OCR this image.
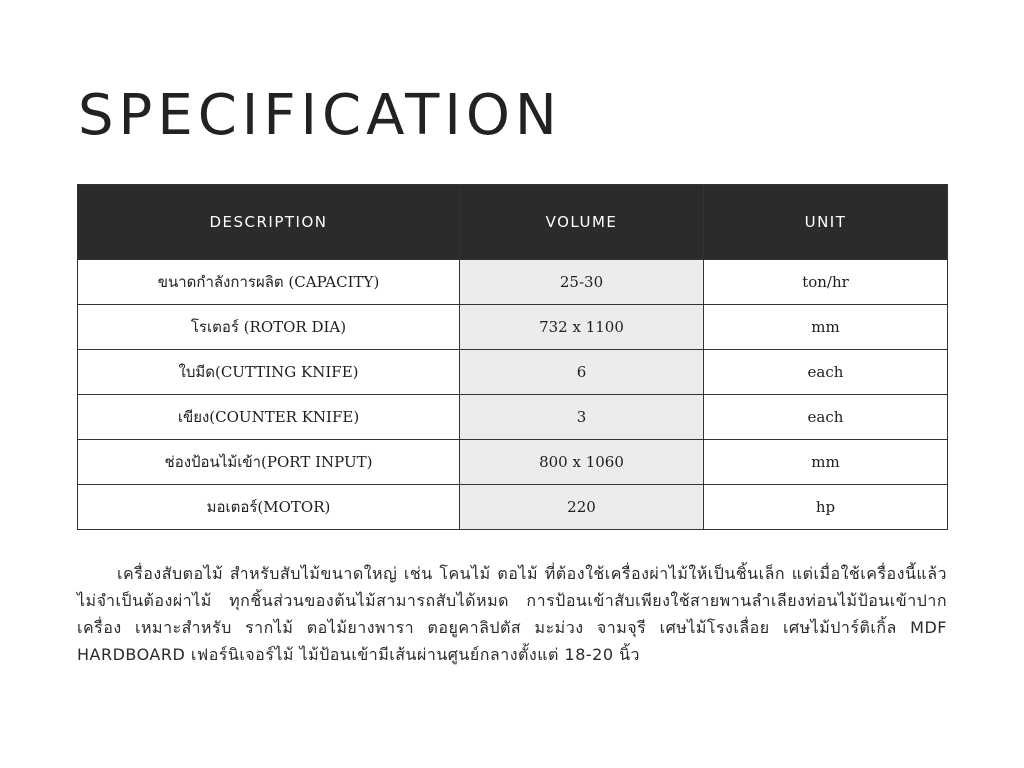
SPECIFICATION
DESCRIPTION	VOLUME	UNIT
ขนาดกำลังการผลิต (CAPACITY)	25-30	ton/hr
โรเตอร์ (ROTOR DIA)	732 x 1100	mm
ใบมีด(CUTTING KNIFE)	6	each
เขียง(COUNTER KNIFE)	3	each
ช่องป้อนไม้เข้า(PORT INPUT)	800 x 1060	mm
มอเตอร์(MOTOR)	220	hp

เครื่องสับตอไม้ สำหรับสับไม้ขนาดใหญ่ เช่น โคนไม้ ตอไม้ ที่ต้องใช้เครื่องผ่าไม้ให้เป็นชิ้นเล็ก แต่เมื่อใช้เครื่องนี้แล้วไม่จำเป็นต้องผ่าไม้ ทุกชิ้นส่วนของต้นไม้สามารถสับได้หมด การป้อนเข้าสับเพียงใช้สายพานลำเลียงท่อนไม้ป้อนเข้าปากเครื่อง เหมาะสำหรับ รากไม้ ตอไม้ยางพารา ตอยูคาลิปตัส มะม่วง จามจุรี เศษไม้โรงเลื่อย เศษไม้ปาร์ติเกิ้ล MDF HARDBOARD เฟอร์นิเจอร์ไม้ ไม้ป้อนเข้ามีเส้นผ่านศูนย์กลางตั้งแต่ 18-20 นิ้ว
